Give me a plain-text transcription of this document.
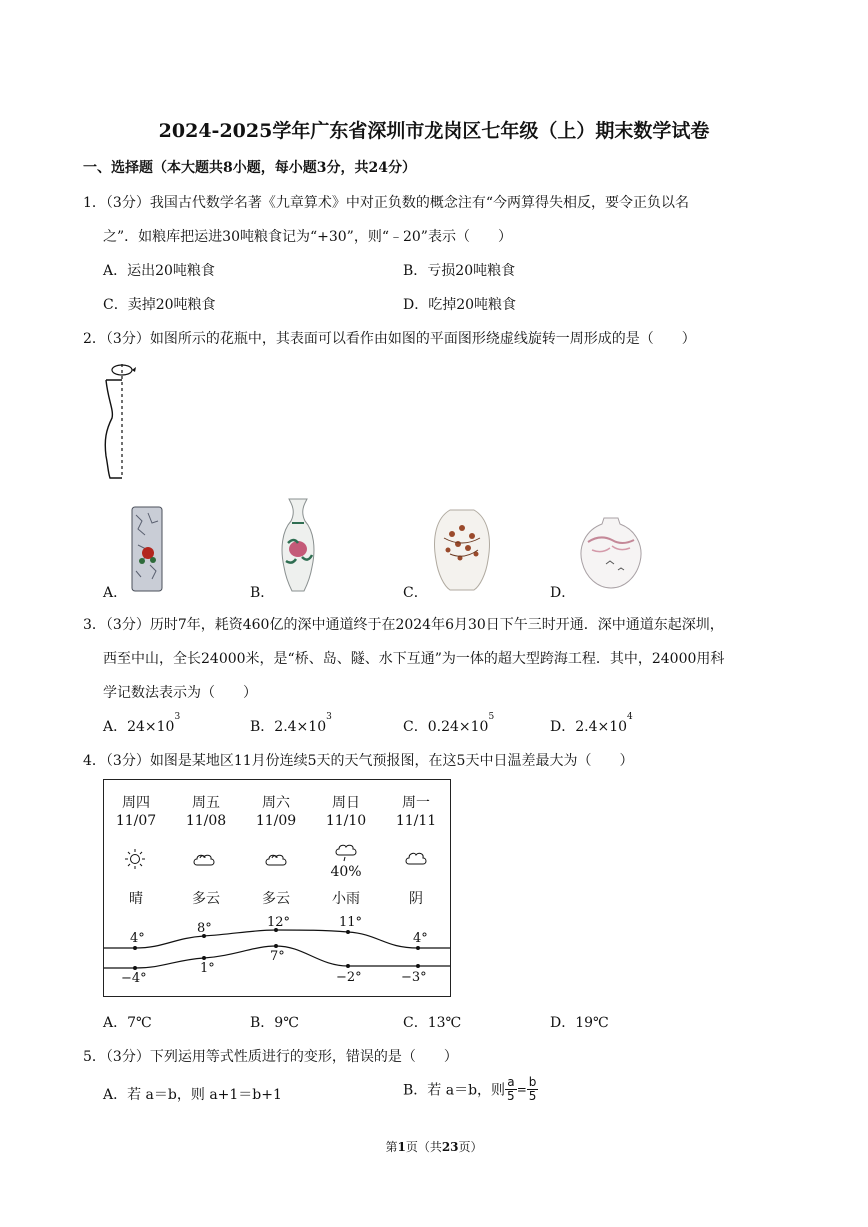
2024-2025学年广东省深圳市龙岗区七年级（上）期末数学试卷
一、选择题（本大题共8小题，每小题3分，共24分）
1．（3分）我国古代数学名著《九章算术》中对正负数的概念注有“今两算得失相反，要令正负以名
之”．如粮库把运进30吨粮食记为“+30”，则“﹣20”表示（　　）
A．运出20吨粮食	B．亏损20吨粮食
C．卖掉20吨粮食	D．吃掉20吨粮食
2．（3分）如图所示的花瓶中，其表面可以看作由如图的平面图形绕虚线旋转一周形成的是（　　）
A．	B．	C．	D．
3．（3分）历时7年，耗资460亿的深中通道终于在2024年6月30日下午三时开通．深中通道东起深圳，
西至中山，全长24000米，是“桥、岛、隧、水下互通”为一体的超大型跨海工程．其中，24000用科
学记数法表示为（　　）
A．$24\times 10^3$
B．$2.4\times 10^3$
C．$0.24\times 10^5$
D．$2.4\times 10^4$
4．（3分）如图是某地区11月份连续5天的天气预报图，在这5天中日温差最大为（　　）
周四	周五	周六	周日	周一
11/07	11/08	11/09	11/10	11/11
40%
晴	多云	多云	小雨	阴
4°
8°	12°	11°
4°
−4°
1°
7°
−2°	−3°
A．7℃	B．9℃	C．13℃	D．19℃
5．（3分）下列运用等式性质进行的变形，错误的是（　　）
A．若 a＝b，则 a+1＝b+1	B．若 a＝b，则 $\frac{a}{5} = \frac{b}{5}$
第1页（共23页）
